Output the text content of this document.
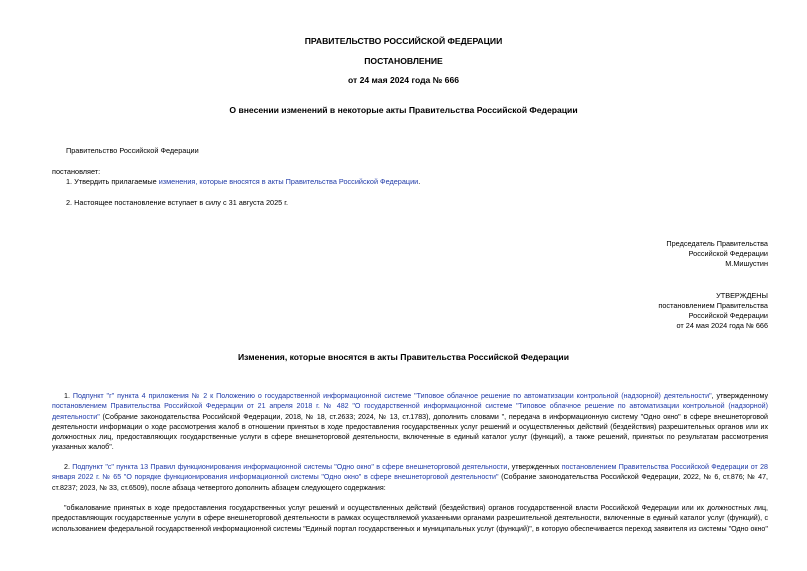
ПРАВИТЕЛЬСТВО РОССИЙСКОЙ ФЕДЕРАЦИИ
ПОСТАНОВЛЕНИЕ
от 24 мая 2024 года № 666
О внесении изменений в некоторые акты Правительства Российской Федерации
Правительство Российской Федерации
постановляет:
1. Утвердить прилагаемые изменения, которые вносятся в акты Правительства Российской Федерации.
2. Настоящее постановление вступает в силу с 31 августа 2025 г.
Председатель Правительства
Российской Федерации
М.Мишустин
УТВЕРЖДЕНЫ
постановлением Правительства
Российской Федерации
от 24 мая 2024 года № 666
Изменения, которые вносятся в акты Правительства Российской Федерации
1. Подпункт "г" пункта 4 приложения № 2 к Положению о государственной информационной системе "Типовое облачное решение по автоматизации контрольной (надзорной) деятельности", утвержденному постановлением Правительства Российской Федерации от 21 апреля 2018 г. № 482 "О государственной информационной системе "Типовое облачное решение по автоматизации контрольной (надзорной) деятельности" (Собрание законодательства Российской Федерации, 2018, № 18, ст.2633; 2024, № 13, ст.1783), дополнить словами ", передача в информационную систему "Одно окно" в сфере внешнеторговой деятельности информации о ходе рассмотрения жалоб в отношении принятых в ходе предоставления государственных услуг решений и осуществленных действий (бездействия) разрешительных органов или их должностных лиц, предоставляющих государственные услуги в сфере внешнеторговой деятельности, включенные в единый каталог услуг (функций), а также решений, принятых по результатам рассмотрения указанных жалоб".
2. Подпункт "с" пункта 13 Правил функционирования информационной системы "Одно окно" в сфере внешнеторговой деятельности, утвержденных постановлением Правительства Российской Федерации от 28 января 2022 г. № 65 "О порядке функционирования информационной системы "Одно окно" в сфере внешнеторговой деятельности" (Собрание законодательства Российской Федерации, 2022, № 6, ст.876; № 47, ст.8237; 2023, № 33, ст.6509), после абзаца четвертого дополнить абзацем следующего содержания:
"обжалование принятых в ходе предоставления государственных услуг решений и осуществленных действий (бездействия) органов государственной власти Российской Федерации или их должностных лиц, предоставляющих государственные услуги в сфере внешнеторговой деятельности в рамках осуществляемой указанными органами разрешительной деятельности, включенные в единый каталог услуг (функций), с использованием федеральной государственной информационной системы "Единый портал государственных и муниципальных услуг (функций)", в которую обеспечивается переход заявителя из системы "Одно окно"
